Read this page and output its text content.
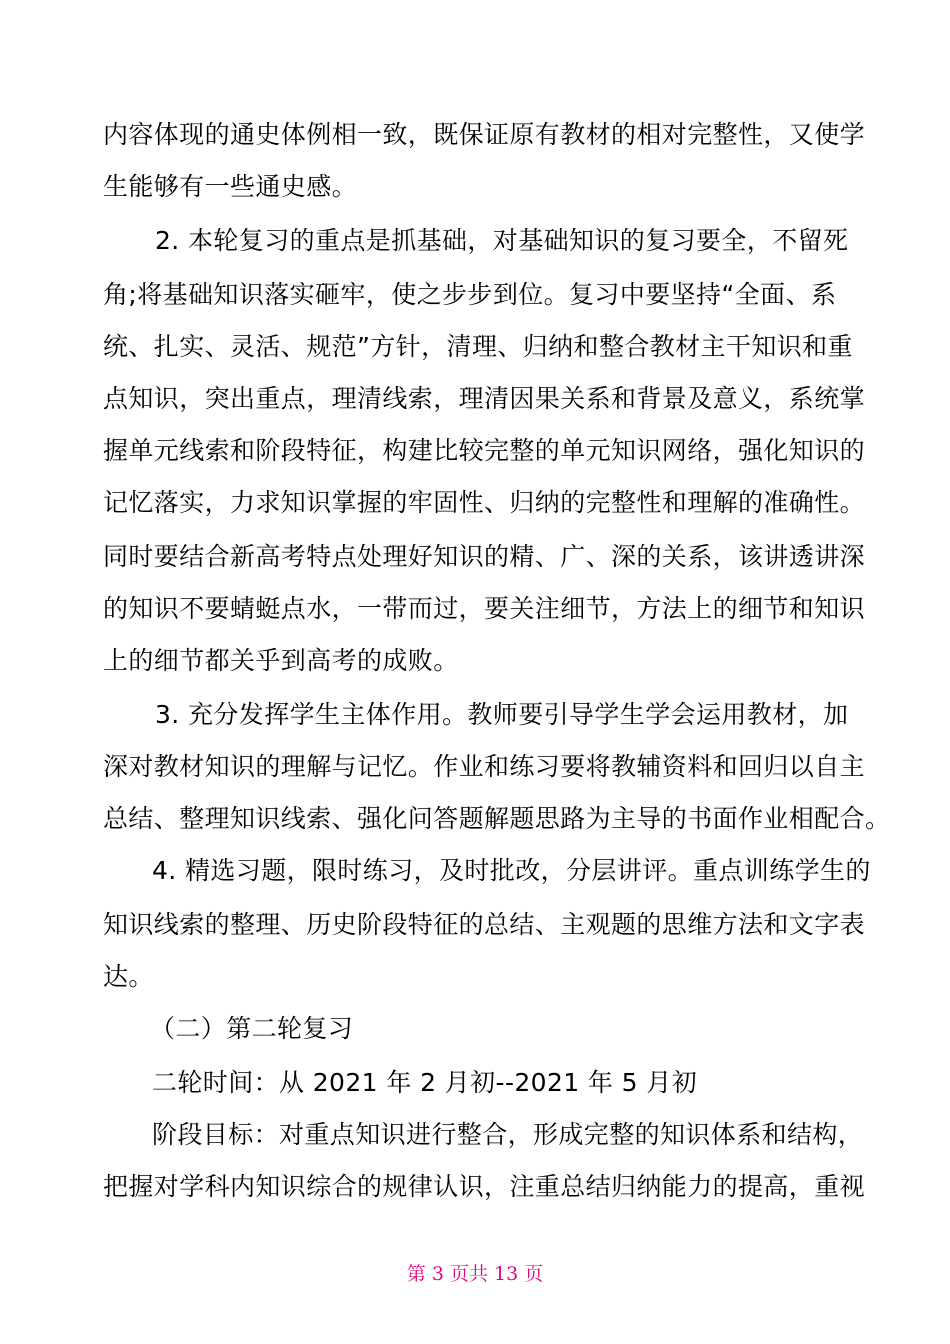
内容体现的通史体例相一致，既保证原有教材的相对完整性，又使学
生能够有一些通史感。
2. 本轮复习的重点是抓基础，对基础知识的复习要全，不留死
角;将基础知识落实砸牢，使之步步到位。复习中要坚持“全面、系
统、扎实、灵活、规范”方针，清理、归纳和整合教材主干知识和重
点知识，突出重点，理清线索，理清因果关系和背景及意义，系统掌
握单元线索和阶段特征，构建比较完整的单元知识网络，强化知识的
记忆落实，力求知识掌握的牢固性、归纳的完整性和理解的准确性。
同时要结合新高考特点处理好知识的精、广、深的关系，该讲透讲深
的知识不要蜻蜓点水，一带而过，要关注细节，方法上的细节和知识
上的细节都关乎到高考的成败。
3. 充分发挥学生主体作用。教师要引导学生学会运用教材，加
深对教材知识的理解与记忆。作业和练习要将教辅资料和回归以自主
总结、整理知识线索、强化问答题解题思路为主导的书面作业相配合。
4. 精选习题，限时练习，及时批改，分层讲评。重点训练学生的
知识线索的整理、历史阶段特征的总结、主观题的思维方法和文字表
达。
（二）第二轮复习
二轮时间：从 2021 年 2 月初--2021 年 5 月初
阶段目标：对重点知识进行整合，形成完整的知识体系和结构，
把握对学科内知识综合的规律认识，注重总结归纳能力的提高，重视
第 3 页共 13 页
